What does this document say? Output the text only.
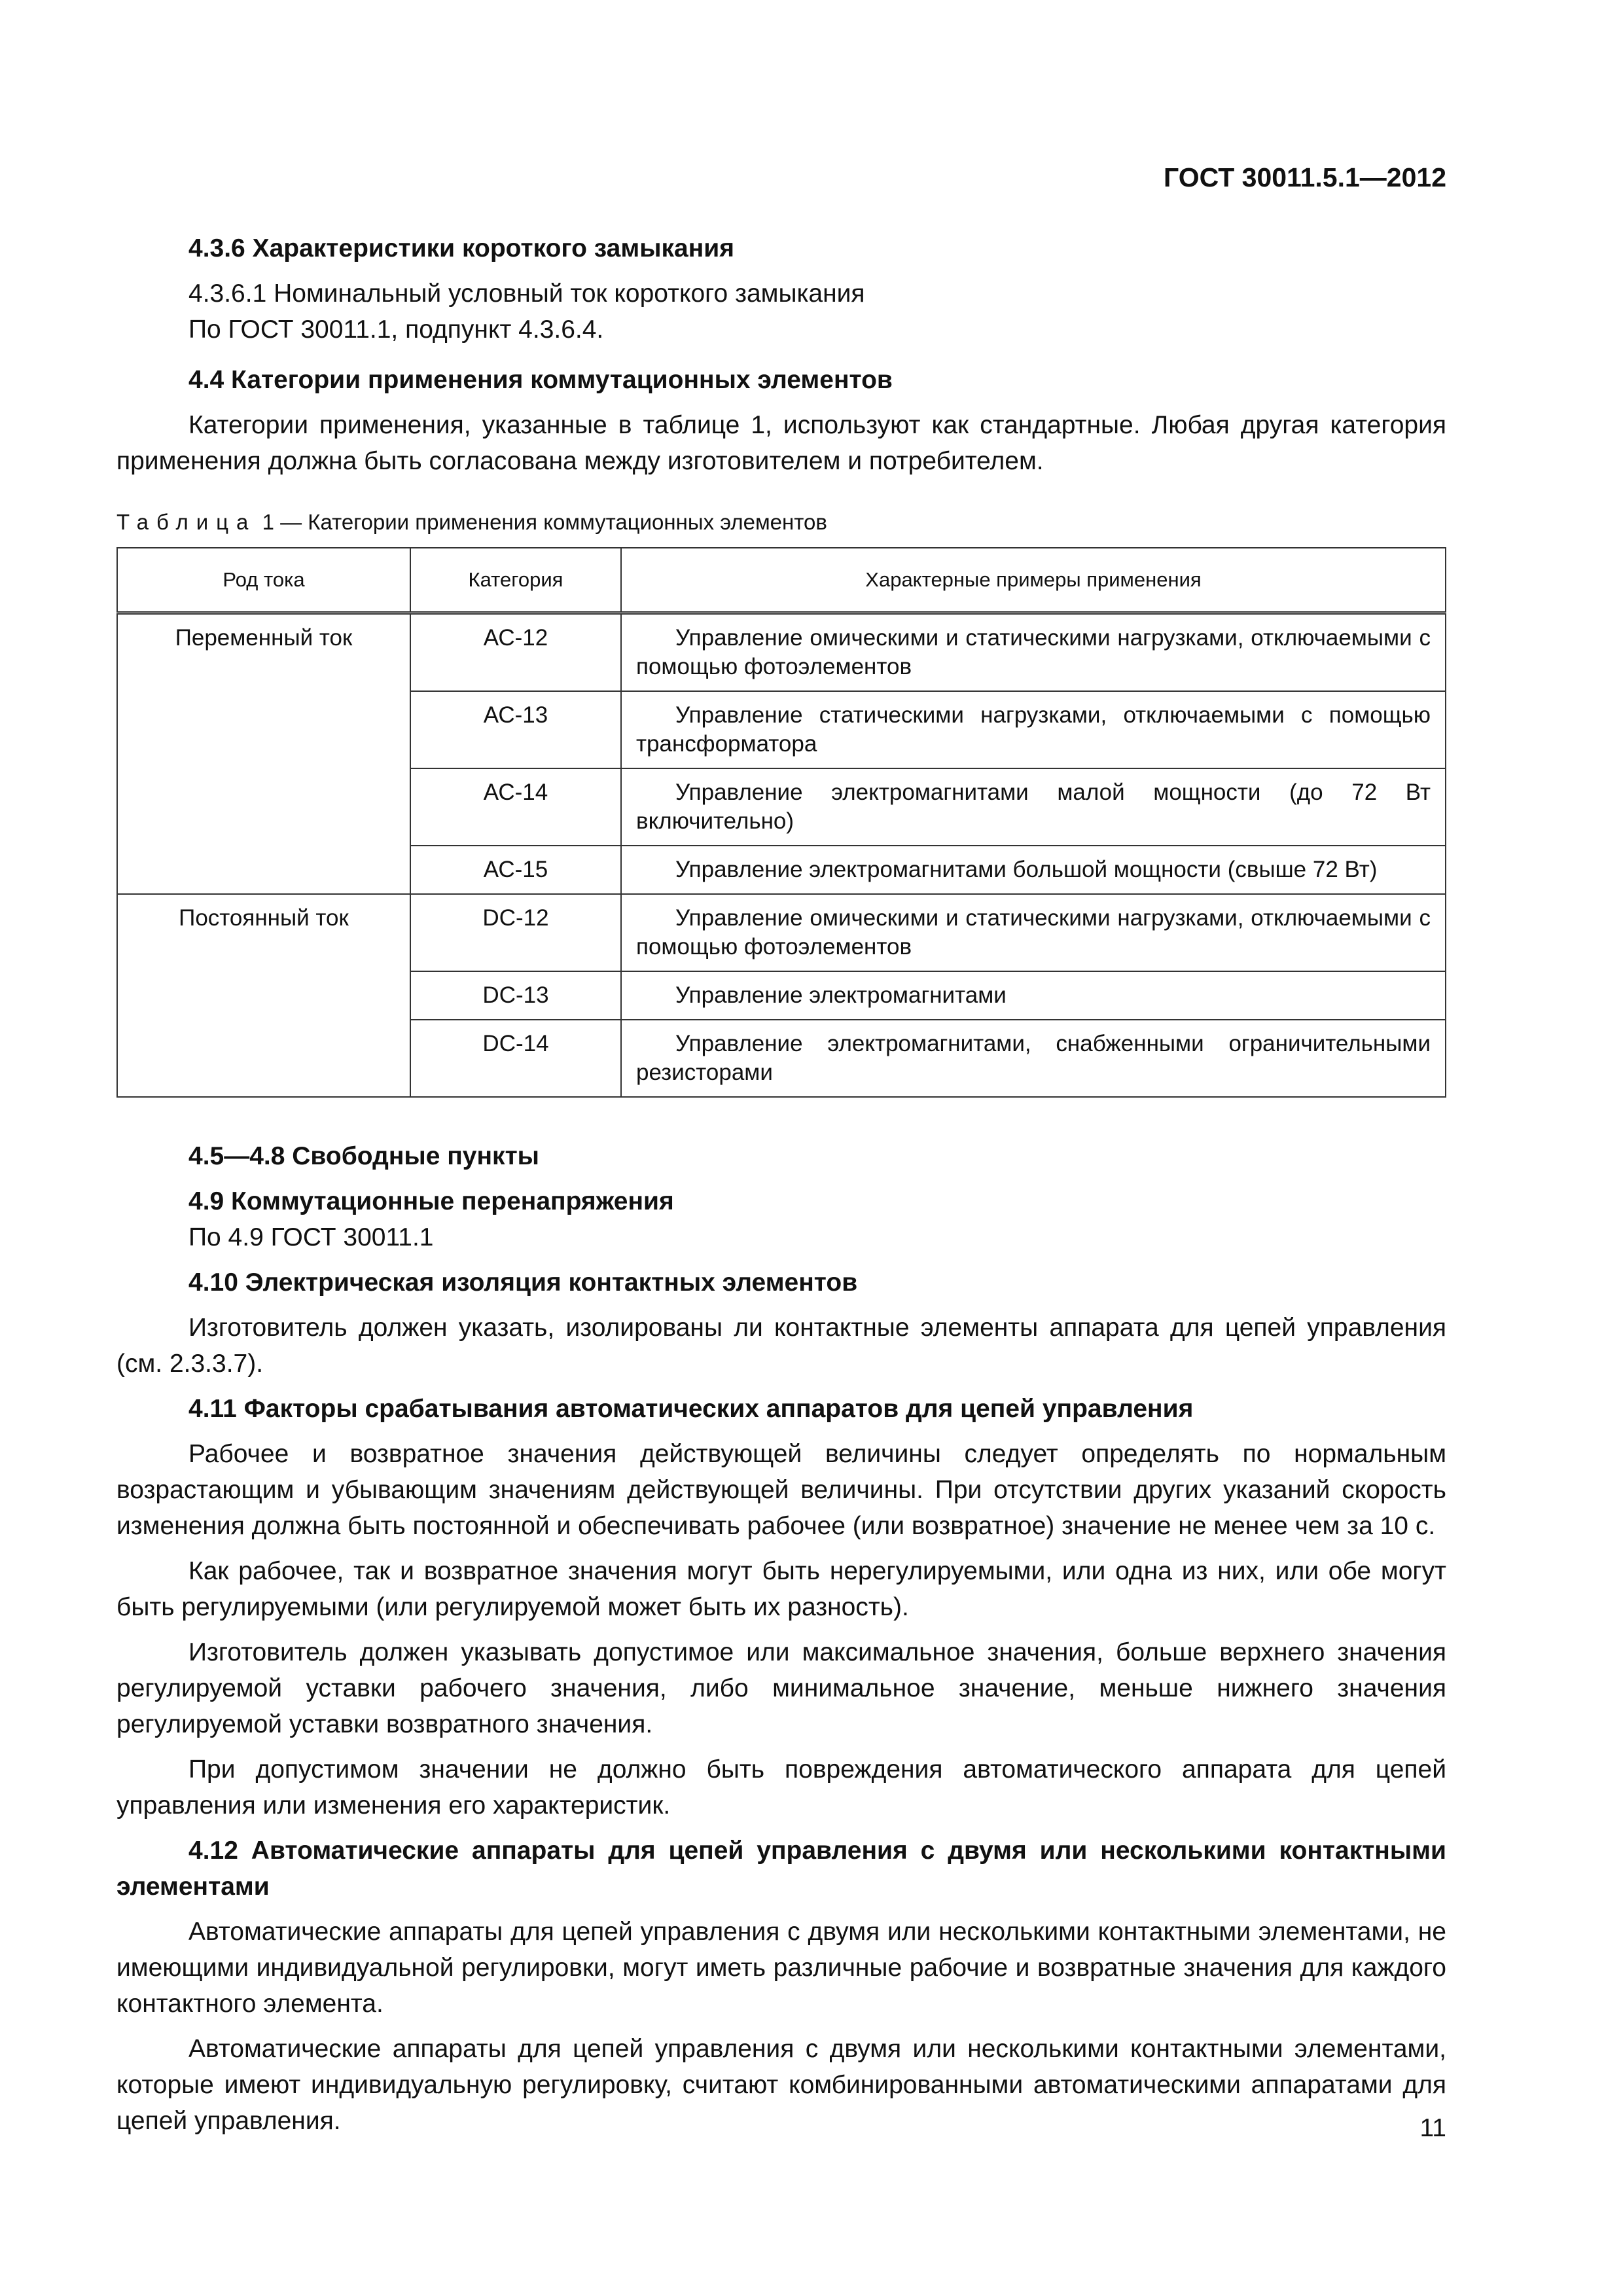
ГОСТ 30011.5.1—2012

4.3.6 Характеристики короткого замыкания

4.3.6.1 Номинальный условный ток короткого замыкания

По ГОСТ 30011.1, подпункт 4.3.6.4.

4.4 Категории применения коммутационных элементов

Категории применения, указанные в таблице 1, используют как стандартные. Любая другая категория применения должна быть согласована между изготовителем и потребителем.

Таблица 1 — Категории применения коммутационных элементов
Род тока	Категория	Характерные примеры применения
Переменный ток	АС-12	Управление омическими и статическими нагрузками, отключаемыми с помощью фотоэлементов
	АС-13	Управление статическими нагрузками, отключаемыми с помощью трансформатора
	АС-14	Управление электромагнитами малой мощности (до 72 Вт включительно)
	АС-15	Управление электромагнитами большой мощности (свыше 72 Вт)
Постоянный ток	DC-12	Управление омическими и статическими нагрузками, отключаемыми с помощью фотоэлементов
	DC-13	Управление электромагнитами
	DC-14	Управление электромагнитами, снабженными ограничительными резисторами

4.5—4.8 Свободные пункты

4.9 Коммутационные перенапряжения

По 4.9 ГОСТ 30011.1

4.10 Электрическая изоляция контактных элементов

Изготовитель должен указать, изолированы ли контактные элементы аппарата для цепей управления (см. 2.3.3.7).

4.11 Факторы срабатывания автоматических аппаратов для цепей управления

Рабочее и возвратное значения действующей величины следует определять по нормальным возрастающим и убывающим значениям действующей величины. При отсутствии других указаний скорость изменения должна быть постоянной и обеспечивать рабочее (или возвратное) значение не менее чем за 10 с.

Как рабочее, так и возвратное значения могут быть нерегулируемыми, или одна из них, или обе могут быть регулируемыми (или регулируемой может быть их разность).

Изготовитель должен указывать допустимое или максимальное значения, больше верхнего значения регулируемой уставки рабочего значения, либо минимальное значение, меньше нижнего значения регулируемой уставки возвратного значения.

При допустимом значении не должно быть повреждения автоматического аппарата для цепей управления или изменения его характеристик.

4.12 Автоматические аппараты для цепей управления с двумя или несколькими контактными элементами

Автоматические аппараты для цепей управления с двумя или несколькими контактными элементами, не имеющими индивидуальной регулировки, могут иметь различные рабочие и возвратные значения для каждого контактного элемента.

Автоматические аппараты для цепей управления с двумя или несколькими контактными элементами, которые имеют индивидуальную регулировку, считают комбинированными автоматическими аппаратами для цепей управления.	11
